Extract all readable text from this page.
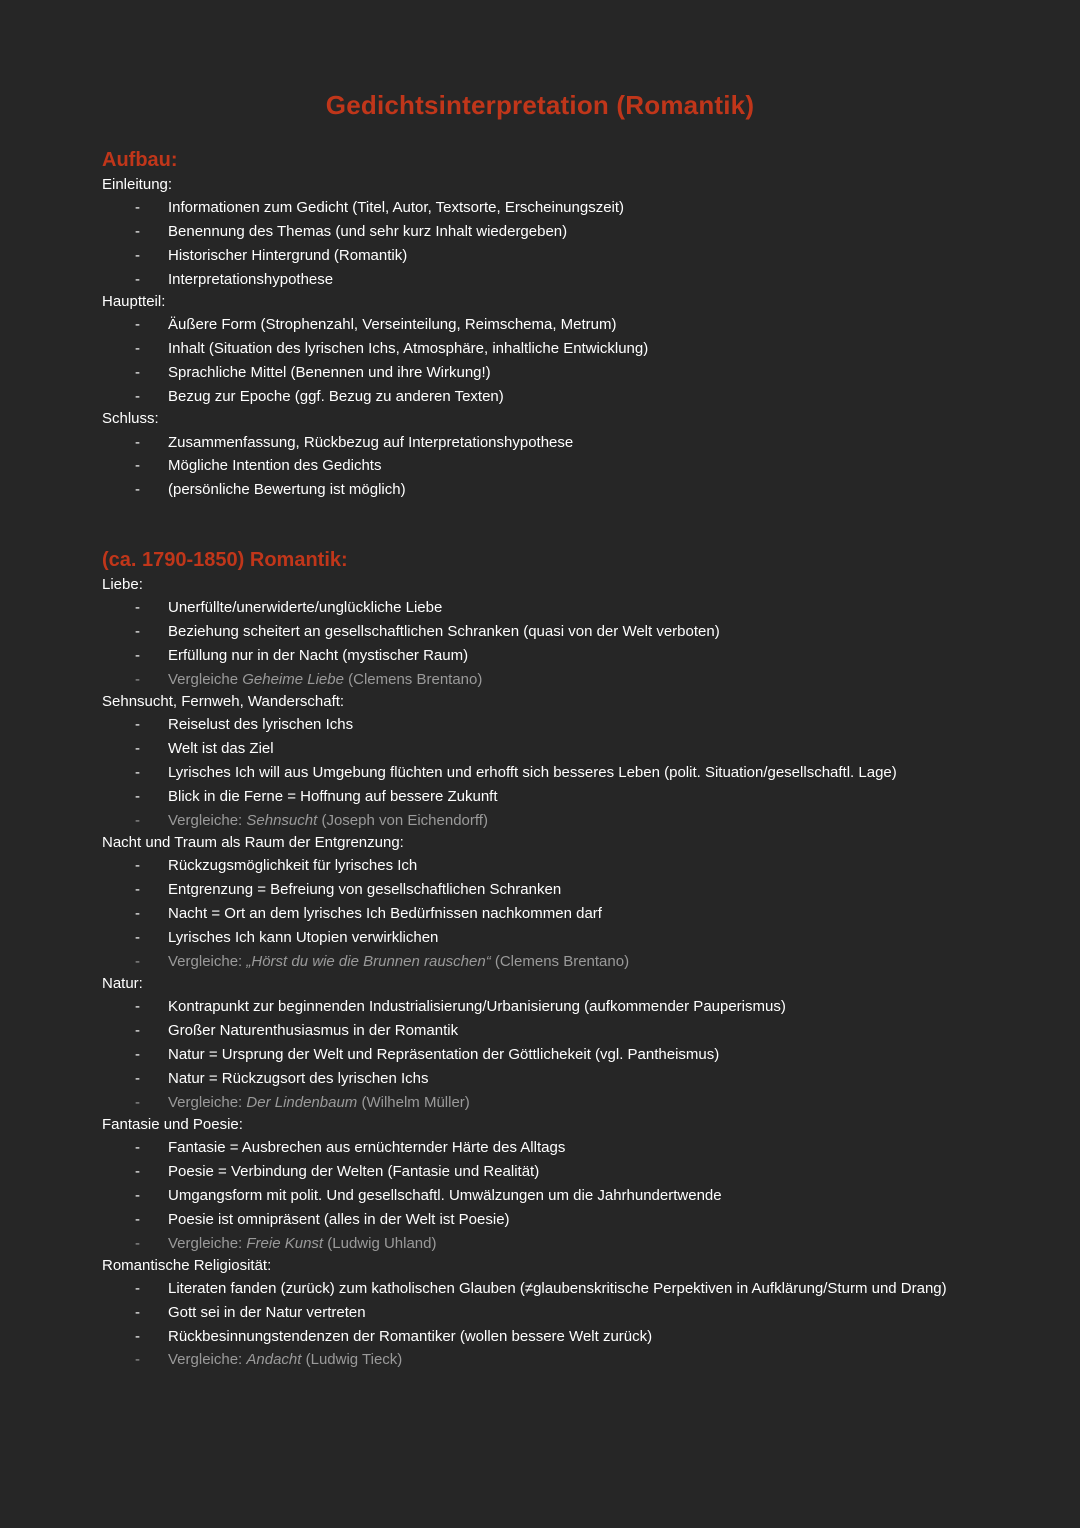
Gedichtsinterpretation (Romantik)
Aufbau:
Einleitung:
- Informationen zum Gedicht (Titel, Autor, Textsorte, Erscheinungszeit)
- Benennung des Themas (und sehr kurz Inhalt wiedergeben)
- Historischer Hintergrund (Romantik)
- Interpretationshypothese
Hauptteil:
- Äußere Form (Strophenzahl, Verseinteilung, Reimschema, Metrum)
- Inhalt (Situation des lyrischen Ichs, Atmosphäre, inhaltliche Entwicklung)
- Sprachliche Mittel (Benennen und ihre Wirkung!)
- Bezug zur Epoche (ggf. Bezug zu anderen Texten)
Schluss:
- Zusammenfassung, Rückbezug auf Interpretationshypothese
- Mögliche Intention des Gedichts
- (persönliche Bewertung ist möglich)
(ca. 1790-1850) Romantik:
Liebe:
- Unerfüllte/unerwiderte/unglückliche Liebe
- Beziehung scheitert an gesellschaftlichen Schranken (quasi von der Welt verboten)
- Erfüllung nur in der Nacht (mystischer Raum)
- Vergleiche Geheime Liebe (Clemens Brentano)
Sehnsucht, Fernweh, Wanderschaft:
- Reiselust des lyrischen Ichs
- Welt ist das Ziel
- Lyrisches Ich will aus Umgebung flüchten und erhofft sich besseres Leben (polit. Situation/gesellschaftl. Lage)
- Blick in die Ferne = Hoffnung auf bessere Zukunft
- Vergleiche: Sehnsucht (Joseph von Eichendorff)
Nacht und Traum als Raum der Entgrenzung:
- Rückzugsmöglichkeit für lyrisches Ich
- Entgrenzung = Befreiung von gesellschaftlichen Schranken
- Nacht = Ort an dem lyrisches Ich Bedürfnissen nachkommen darf
- Lyrisches Ich kann Utopien verwirklichen
- Vergleiche: „Hörst du wie die Brunnen rauschen“ (Clemens Brentano)
Natur:
- Kontrapunkt zur beginnenden Industrialisierung/Urbanisierung (aufkommender Pauperismus)
- Großer Naturenthusiasmus in der Romantik
- Natur = Ursprung der Welt und Repräsentation der Göttlichekeit (vgl. Pantheismus)
- Natur = Rückzugsort des lyrischen Ichs
- Vergleiche: Der Lindenbaum (Wilhelm Müller)
Fantasie und Poesie:
- Fantasie = Ausbrechen aus ernüchternder Härte des Alltags
- Poesie = Verbindung der Welten (Fantasie und Realität)
- Umgangsform mit polit. Und gesellschaftl. Umwälzungen um die Jahrhundertwende
- Poesie ist omnipräsent (alles in der Welt ist Poesie)
- Vergleiche: Freie Kunst (Ludwig Uhland)
Romantische Religiosität:
- Literaten fanden (zurück) zum katholischen Glauben (≠glaubenskritische Perpektiven in Aufklärung/Sturm und Drang)
- Gott sei in der Natur vertreten
- Rückbesinnungstendenzen der Romantiker (wollen bessere Welt zurück)
- Vergleiche: Andacht (Ludwig Tieck)
